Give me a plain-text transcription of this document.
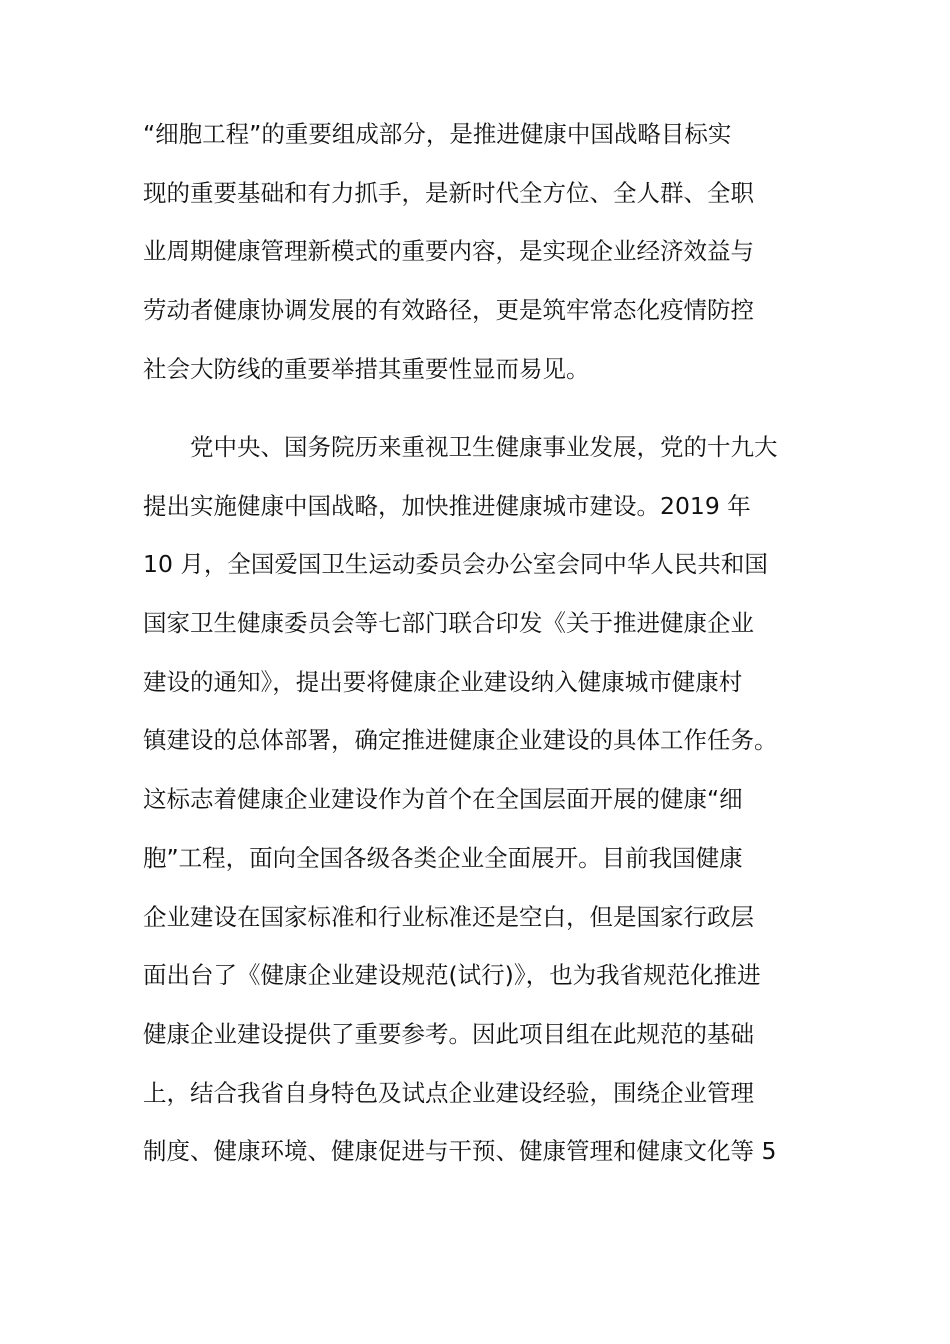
“细胞工程”的重要组成部分，是推进健康中国战略目标实
现的重要基础和有力抓手，是新时代全方位、全人群、全职
业周期健康管理新模式的重要内容，是实现企业经济效益与
劳动者健康协调发展的有效路径，更是筑牢常态化疫情防控
社会大防线的重要举措其重要性显而易见。
党中央、国务院历来重视卫生健康事业发展，党的十九大
提出实施健康中国战略，加快推进健康城市建设。2019 年
10 月，全国爱国卫生运动委员会办公室会同中华人民共和国
国家卫生健康委员会等七部门联合印发《关于推进健康企业
建设的通知》，提出要将健康企业建设纳入健康城市健康村
镇建设的总体部署，确定推进健康企业建设的具体工作任务。
这标志着健康企业建设作为首个在全国层面开展的健康“细
胞”工程，面向全国各级各类企业全面展开。目前我国健康
企业建设在国家标准和行业标准还是空白，但是国家行政层
面出台了《健康企业建设规范(试行)》，也为我省规范化推进
健康企业建设提供了重要参考。因此项目组在此规范的基础
上，结合我省自身特色及试点企业建设经验，围绕企业管理
制度、健康环境、健康促进与干预、健康管理和健康文化等 5
